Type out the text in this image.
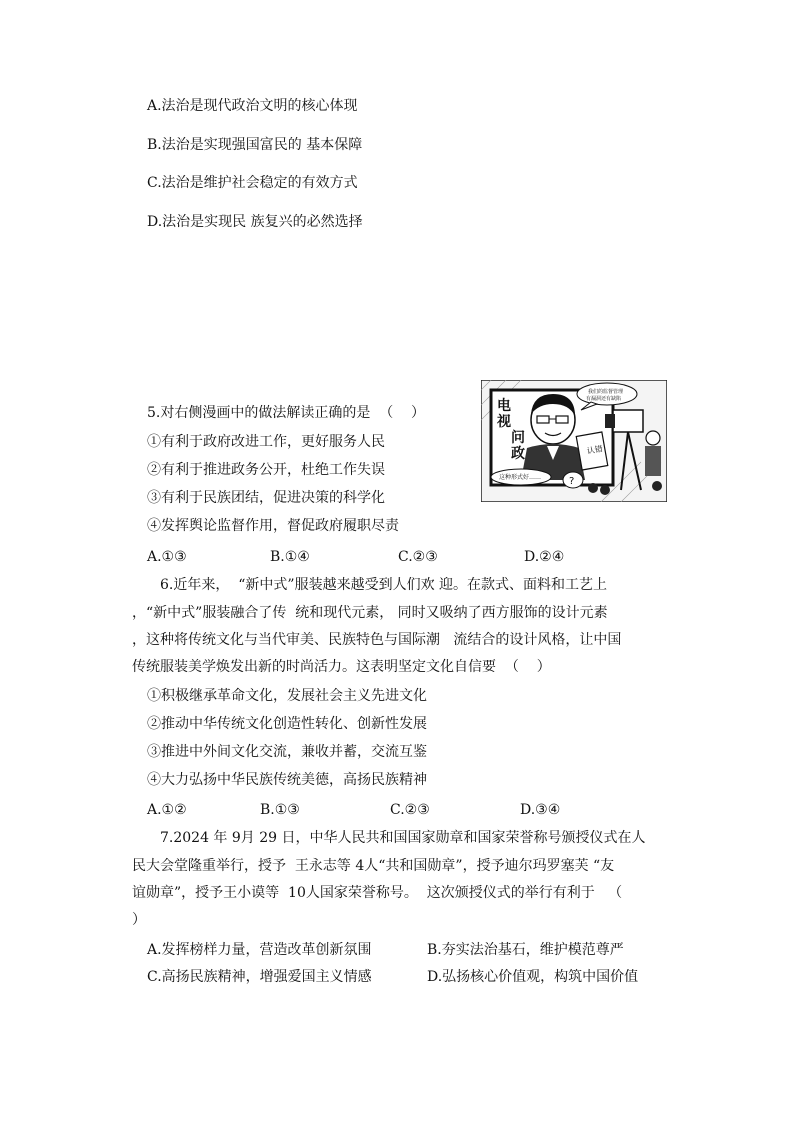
A.法治是现代政治文明的核心体现
B.法治是实现强国富民的 基本保障
C.法治是维护社会稳定的有效方式
D.法治是实现民 族复兴的必然选择
5.对右侧漫画中的做法解读正确的是  （    ）
①有利于政府改进工作，更好服务人民
②有利于推进政务公开，杜绝工作失误
③有利于民族团结，促进决策的科学化
④发挥舆论监督作用，督促政府履职尽责
A.①③	B.①④	C.②③	D.②④
我们的监督管理
有漏洞还有缺陷
认错
这种形式好……	?
电
视
问
政
6.近年来，  “新中式”服装越来越受到人们欢 迎。在款式、面料和工艺上
，“新中式”服装融合了传  统和现代元素， 同时又吸纳了西方服饰的设计元素
，这种将传统文化与当代审美、民族特色与国际潮   流结合的设计风格，让中国
传统服装美学焕发出新的时尚活力。这表明坚定文化自信要  （    ）
①积极继承革命文化，发展社会主义先进文化
②推动中华传统文化创造性转化、创新性发展
③推进中外间文化交流，兼收并蓄，交流互鉴
④大力弘扬中华民族传统美德，高扬民族精神
A.①②	B.①③	C.②③	D.③④
7.2024 年 9月 29 日，中华人民共和国国家勋章和国家荣誉称号颁授仪式在人
民大会堂隆重举行，授予  王永志等 4人“共和国勋章”，授予迪尔玛罗塞芙 “友
谊勋章”，授予王小谟等  10人国家荣誉称号。  这次颁授仪式的举行有利于   （
）
A.发挥榜样力量，营造改革创新氛围	B.夯实法治基石，维护模范尊严
C.高扬民族精神，增强爱国主义情感	D.弘扬核心价值观，构筑中国价值
